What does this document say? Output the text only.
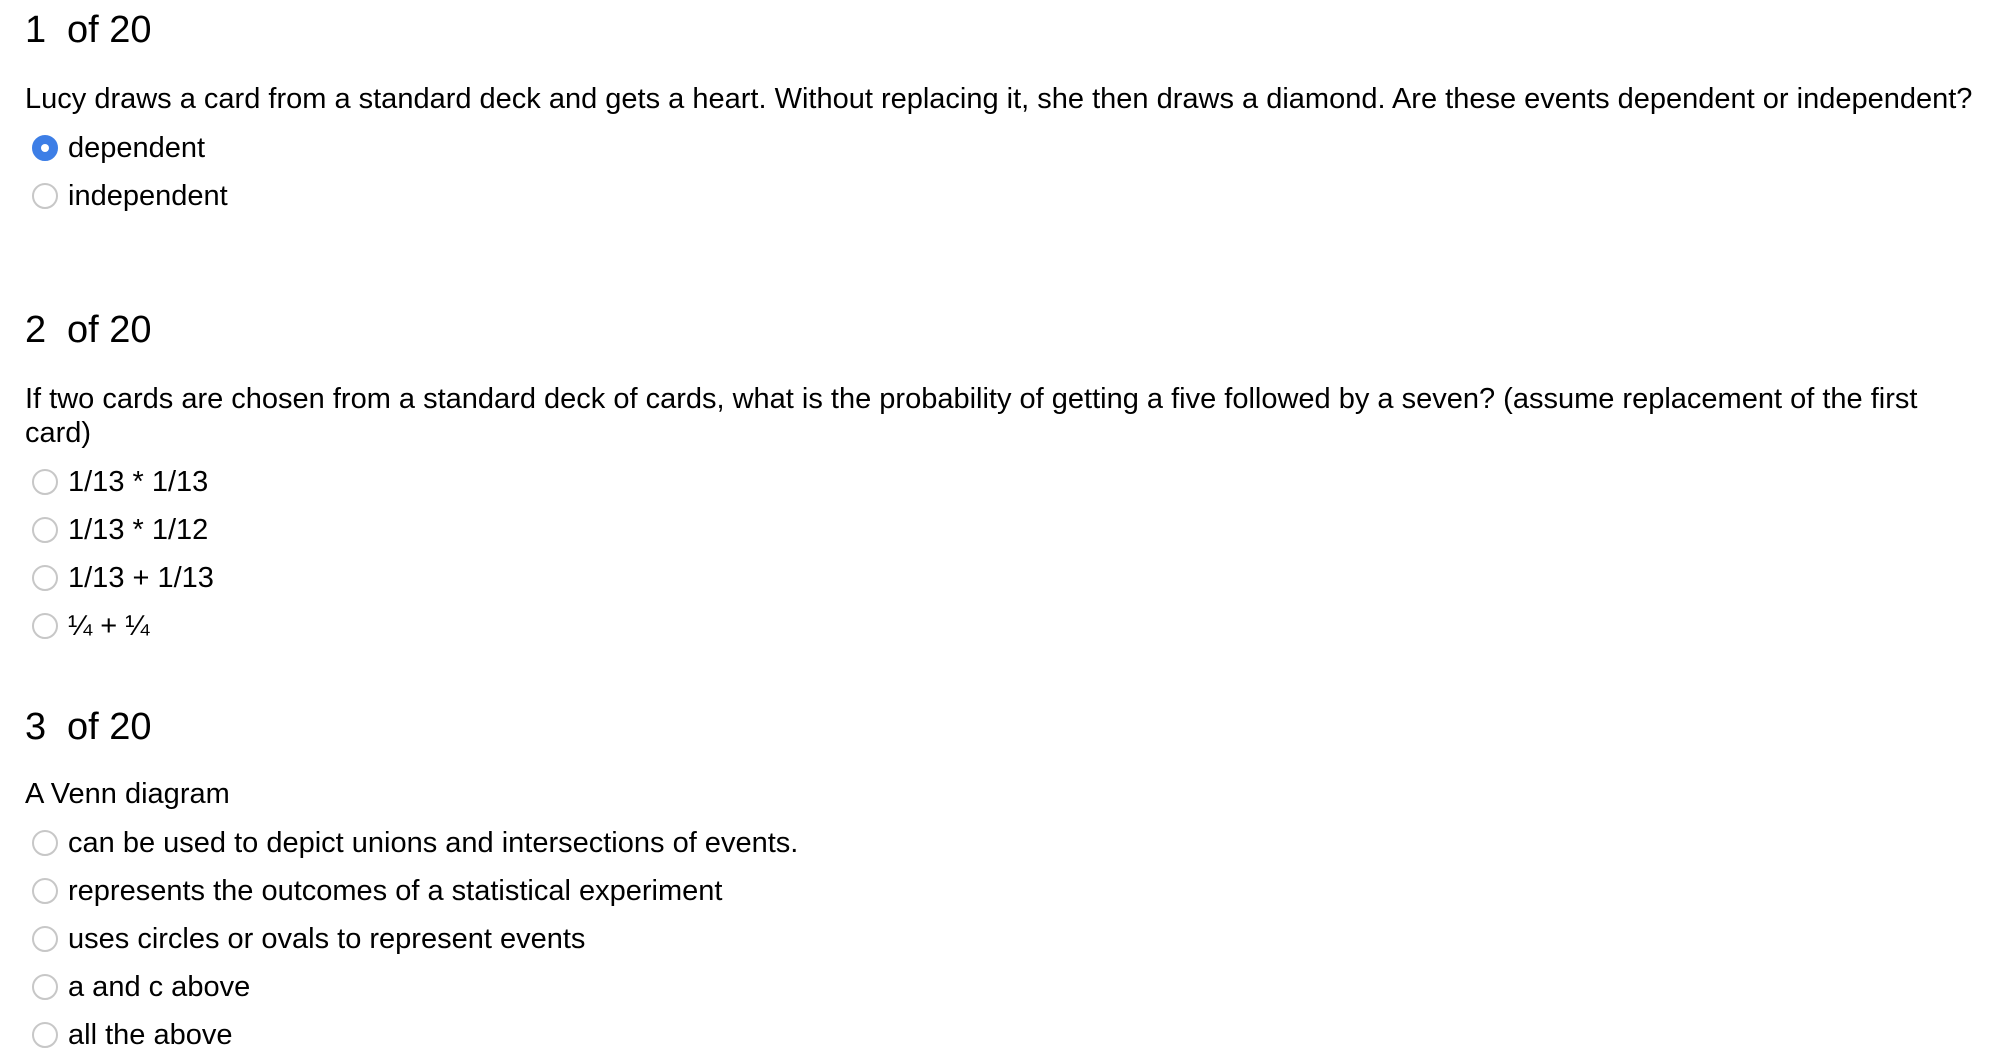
1 of 20

Lucy draws a card from a standard deck and gets a heart. Without replacing it, she then draws a diamond. Are these events dependent or independent?

dependent
independent
2 of 20

If two cards are chosen from a standard deck of cards, what is the probability of getting a five followed by a seven? (assume replacement of the first card)

1/13 * 1/13
1/13 * 1/12
1/13 + 1/13
¼ + ¼
3 of 20

A Venn diagram

can be used to depict unions and intersections of events.
represents the outcomes of a statistical experiment
uses circles or ovals to represent events
a and c above
all the above
